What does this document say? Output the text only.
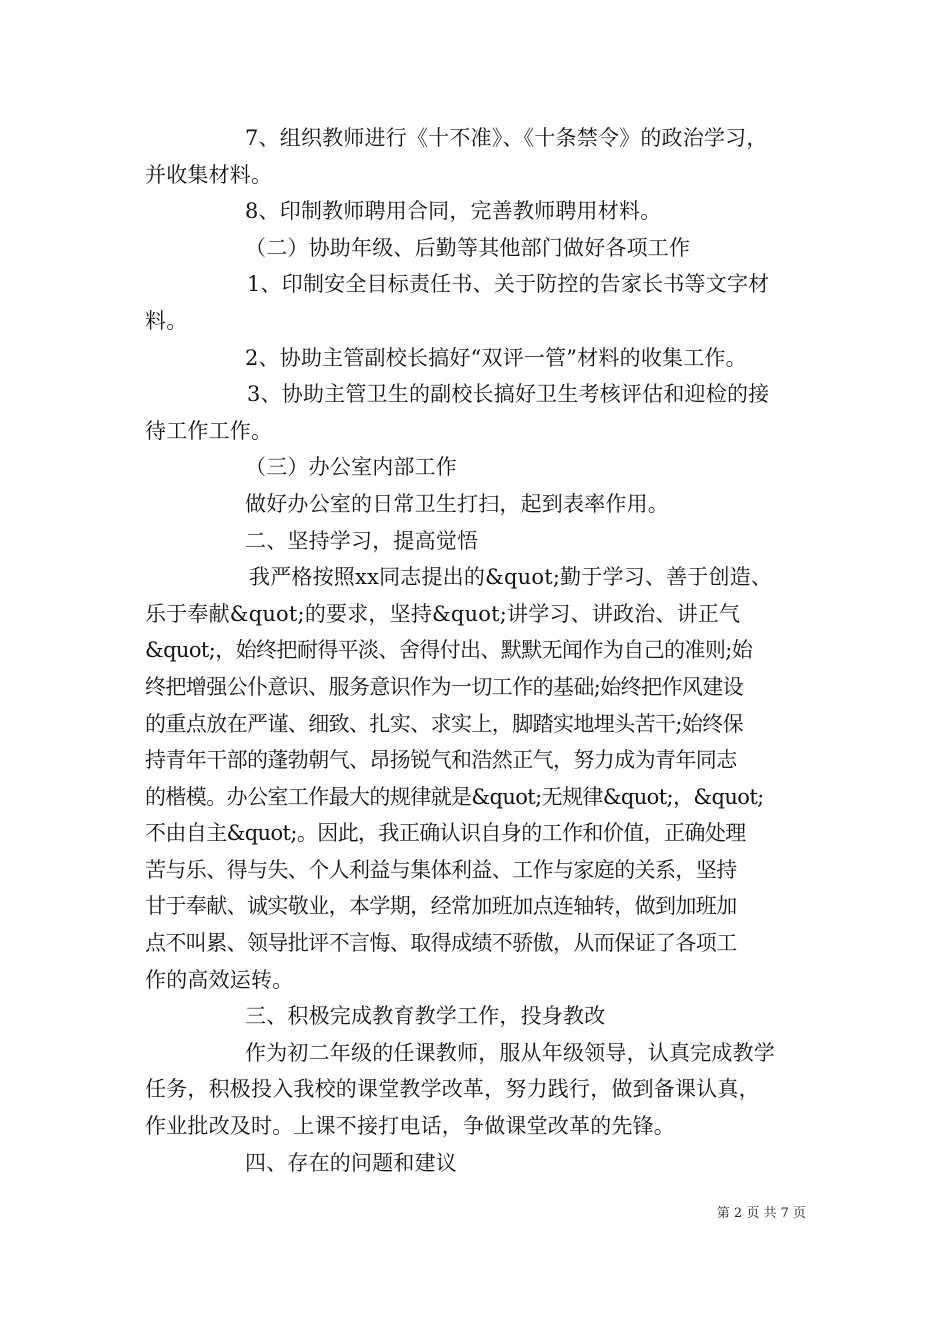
7、组织教师进行《十不准》、《十条禁令》的政治学习，
并收集材料。
8、印制教师聘用合同，完善教师聘用材料。
（二）协助年级、后勤等其他部门做好各项工作
1、印制安全目标责任书、关于防控的告家长书等文字材
料。
2、协助主管副校长搞好“双评一管”材料的收集工作。
3、协助主管卫生的副校长搞好卫生考核评估和迎检的接
待工作工作。
（三）办公室内部工作
做好办公室的日常卫生打扫，起到表率作用。
二、坚持学习，提高觉悟
我严格按照xx同志提出的&quot;勤于学习、善于创造、
乐于奉献&quot;的要求，坚持&quot;讲学习、讲政治、讲正气
&quot;，始终把耐得平淡、舍得付出、默默无闻作为自己的准则;始
终把增强公仆意识、服务意识作为一切工作的基础;始终把作风建设
的重点放在严谨、细致、扎实、求实上，脚踏实地埋头苦干;始终保
持青年干部的蓬勃朝气、昂扬锐气和浩然正气，努力成为青年同志
的楷模。办公室工作最大的规律就是&quot;无规律&quot;，&quot;
不由自主&quot;。因此，我正确认识自身的工作和价值，正确处理
苦与乐、得与失、个人利益与集体利益、工作与家庭的关系，坚持
甘于奉献、诚实敬业，本学期，经常加班加点连轴转，做到加班加
点不叫累、领导批评不言悔、取得成绩不骄傲，从而保证了各项工
作的高效运转。
三、积极完成教育教学工作，投身教改
作为初二年级的任课教师，服从年级领导，认真完成教学
任务，积极投入我校的课堂教学改革，努力践行，做到备课认真，
作业批改及时。上课不接打电话，争做课堂改革的先锋。
四、存在的问题和建议
第 2 页 共 7 页
